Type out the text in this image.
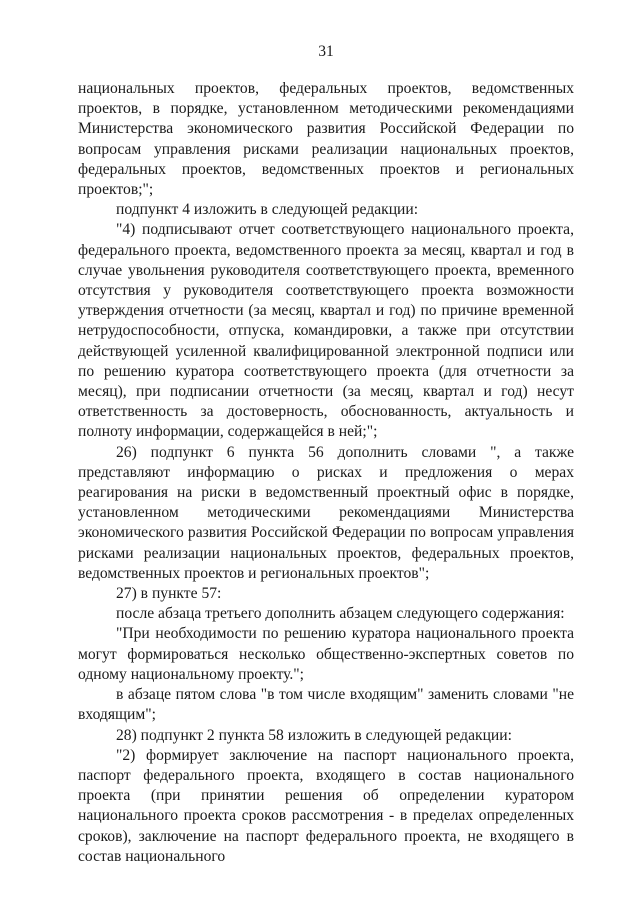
31

национальных проектов, федеральных проектов, ведомственных проектов, в порядке, установленном методическими рекомендациями Министерства экономического развития Российской Федерации по вопросам управления рисками реализации национальных проектов, федеральных проектов, ведомственных проектов и региональных проектов;";

подпункт 4 изложить в следующей редакции:

"4) подписывают отчет соответствующего национального проекта, федерального проекта, ведомственного проекта за месяц, квартал и год в случае увольнения руководителя соответствующего проекта, временного отсутствия у руководителя соответствующего проекта возможности утверждения отчетности (за месяц, квартал и год) по причине временной нетрудоспособности, отпуска, командировки, а также при отсутствии действующей усиленной квалифицированной электронной подписи или по решению куратора соответствующего проекта (для отчетности за месяц), при подписании отчетности (за месяц, квартал и год) несут ответственность за достоверность, обоснованность, актуальность и полноту информации, содержащейся в ней;";

26) подпункт 6 пункта 56 дополнить словами ", а также представляют информацию о рисках и предложения о мерах реагирования на риски в ведомственный проектный офис в порядке, установленном методическими рекомендациями Министерства экономического развития Российской Федерации по вопросам управления рисками реализации национальных проектов, федеральных проектов, ведомственных проектов и региональных проектов";

27) в пункте 57:

после абзаца третьего дополнить абзацем следующего содержания:

"При необходимости по решению куратора национального проекта могут формироваться несколько общественно-экспертных советов по одному национальному проекту.";

в абзаце пятом слова "в том числе входящим" заменить словами "не входящим";

28) подпункт 2 пункта 58 изложить в следующей редакции:

"2) формирует заключение на паспорт национального проекта, паспорт федерального проекта, входящего в состав национального проекта (при принятии решения об определении куратором национального проекта сроков рассмотрения - в пределах определенных сроков), заключение на паспорт федерального проекта, не входящего в состав национального
